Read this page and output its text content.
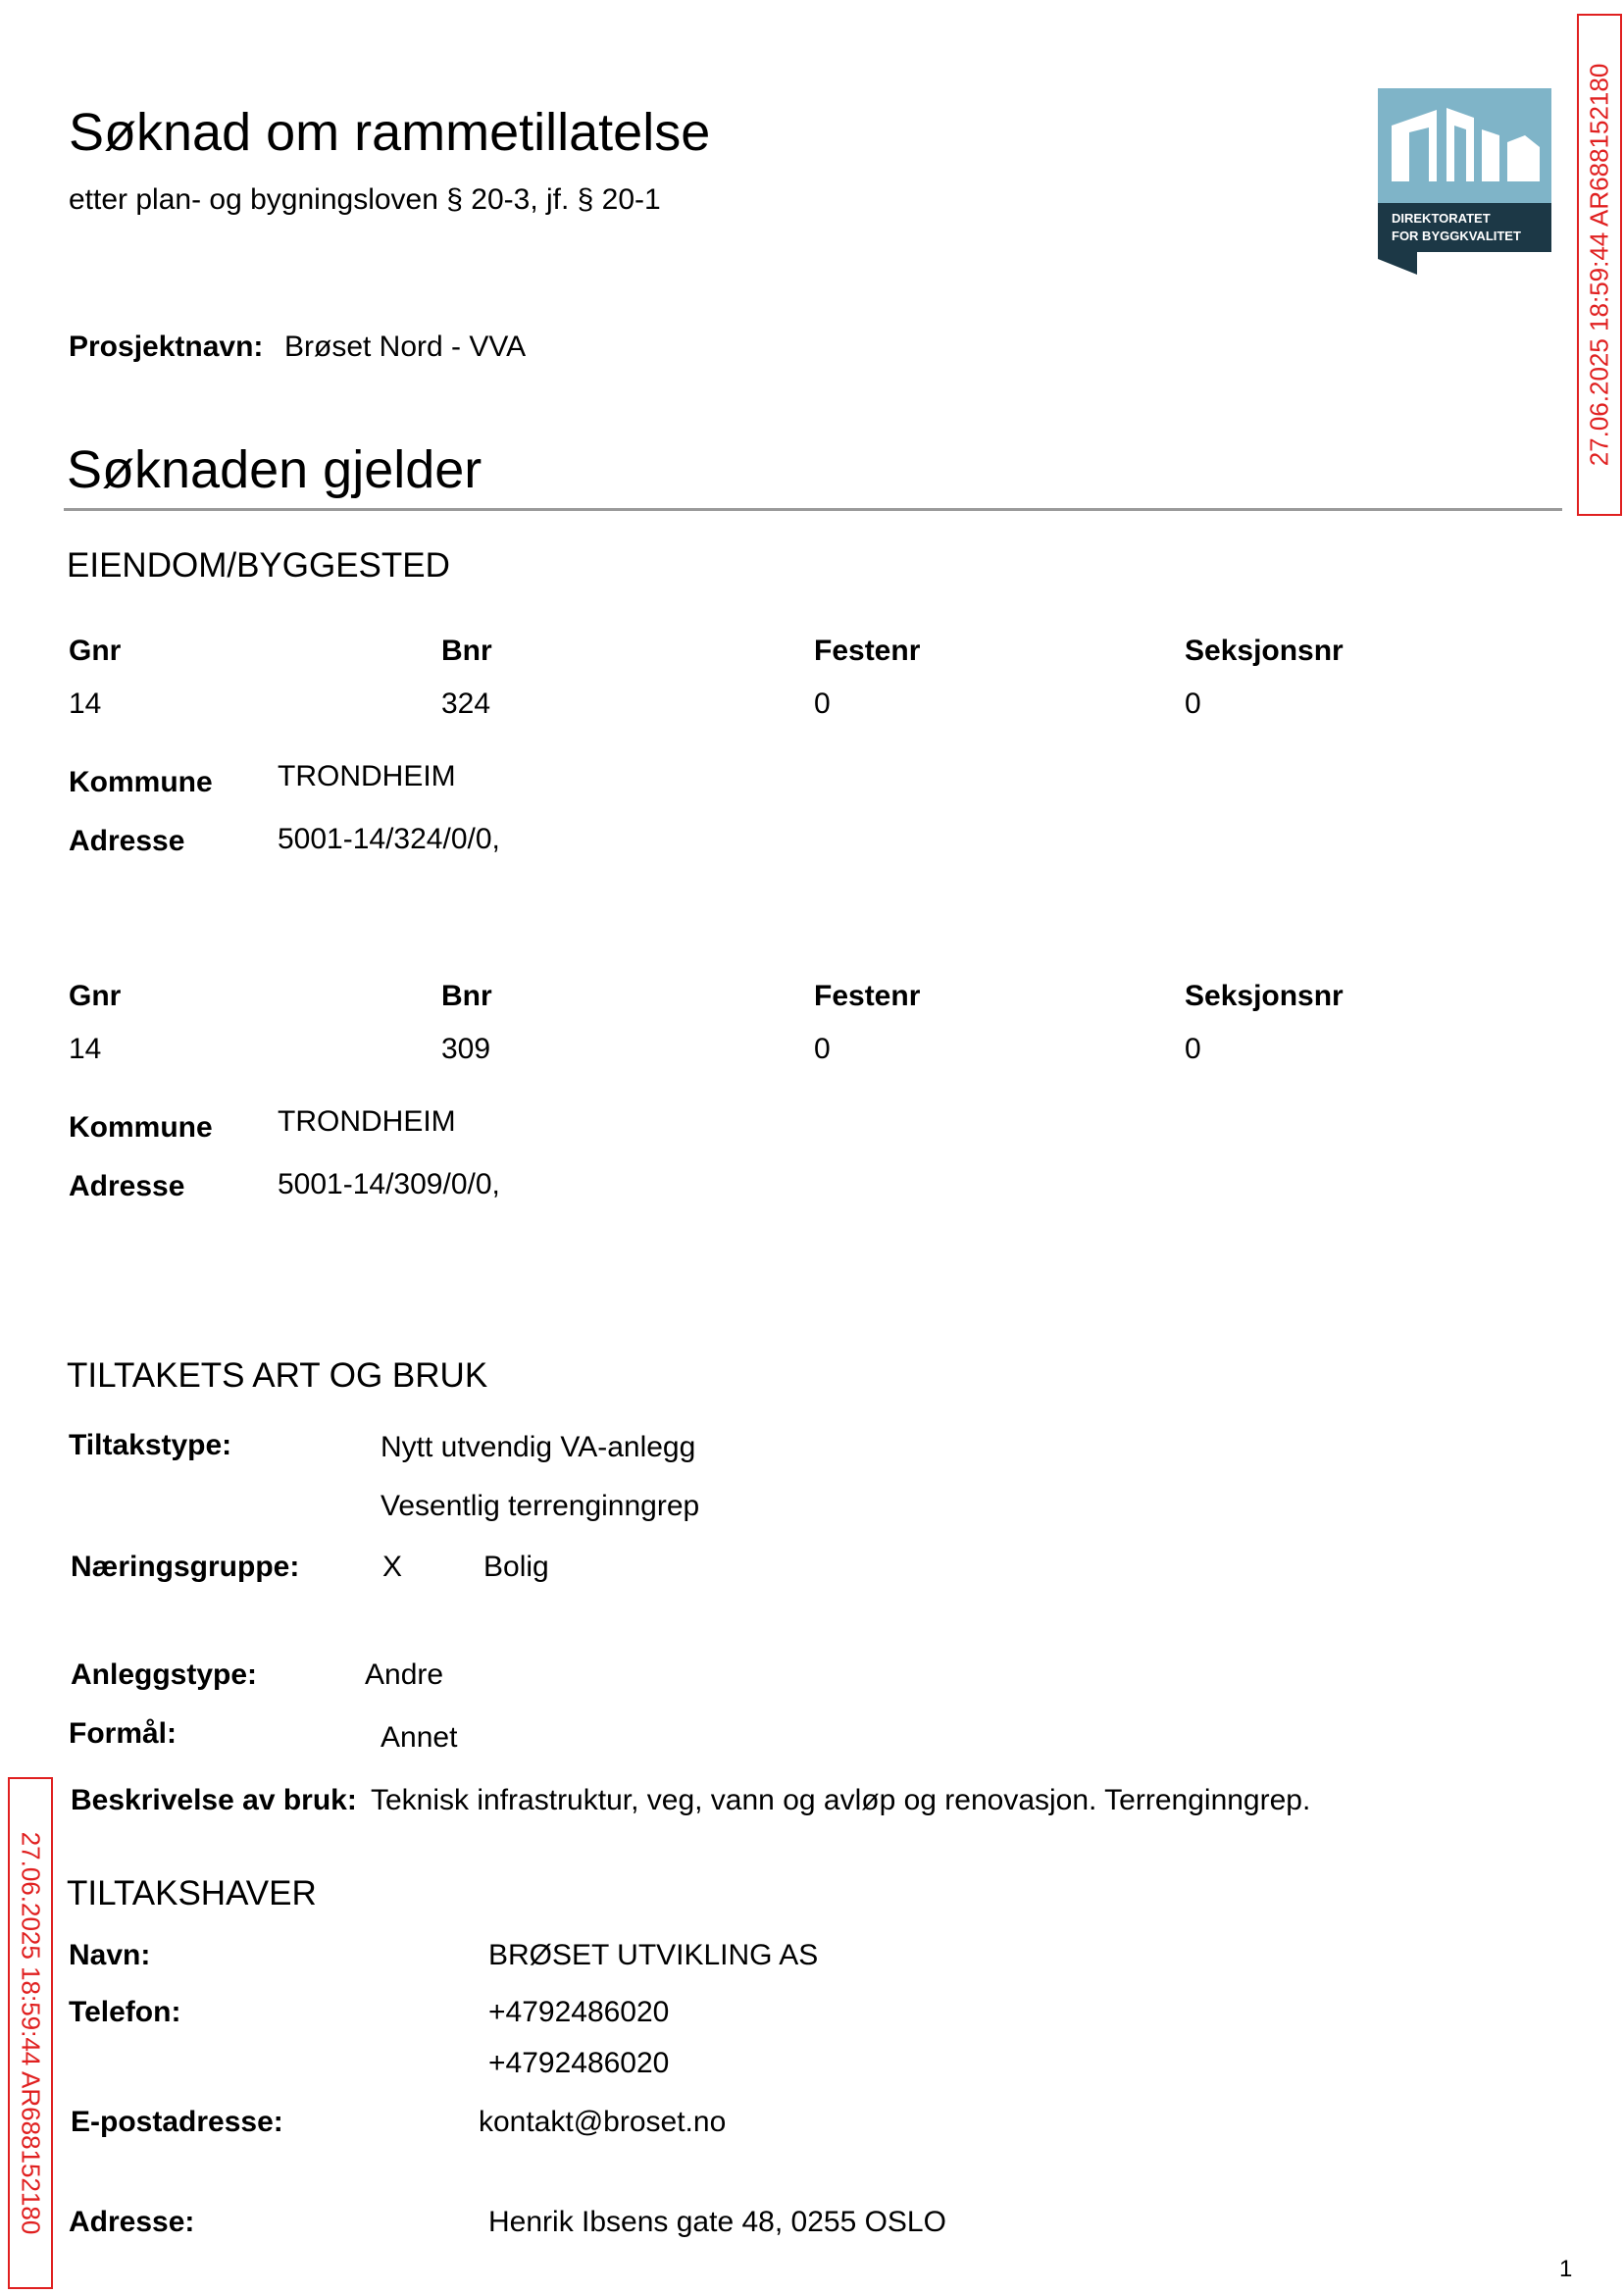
Søknad om rammetillatelse
etter plan- og bygningsloven § 20-3, jf. § 20-1
DIREKTORATET
FOR BYGGKVALITET
Prosjektnavn: Brøset Nord - VVA
Søknaden gjelder
EIENDOM/BYGGESTED
Gnr	Bnr	Festenr	Seksjonsnr
14	324	0	0
Kommune TRONDHEIM
Adresse	5001-14/324/0/0,
Gnr	Bnr	Festenr	Seksjonsnr
14	309	0	0
Kommune TRONDHEIM
Adresse	5001-14/309/0/0,
TILTAKETS ART OG BRUK
Tiltakstype:	Nytt utvendig VA-anlegg
Vesentlig terrenginngrep
Næringsgruppe:	X	Bolig
Anleggstype:	Andre
Formål:	Annet
Beskrivelse av bruk: Teknisk infrastruktur, veg, vann og avløp og renovasjon. Terrenginngrep.
TILTAKSHAVER
Navn:	BRØSET UTVIKLING AS
Telefon:	+4792486020
+4792486020
E-postadresse:	kontakt@broset.no
Adresse:	Henrik Ibsens gate 48, 0255 OSLO
27.06.2025 18:59:44 AR688152180
27.06.2025 18:59:44 AR688152180
1
